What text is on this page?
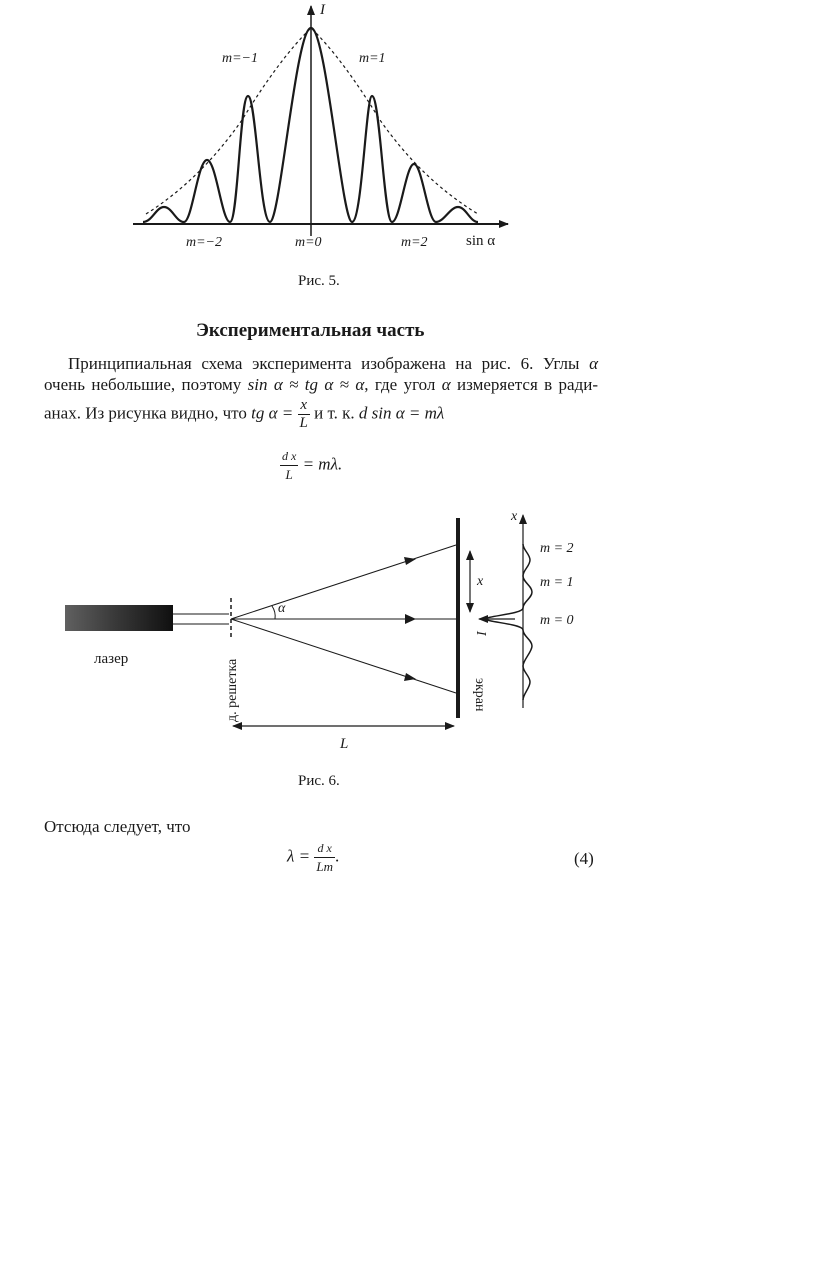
I
sin α
m=−1	m=1
m=−2	m=0	m=2
Рис. 5.
Экспериментальная часть
Принципиальная схема эксперимента изображена на рис. 6. Углы α
очень небольшие, поэтому sin α ≈ tg α ≈ α, где угол α измеряется в ради-
анах. Из рисунка видно, что tg $\alpha = \frac{x}{L}$ и т. к. d sin α = mλ
$\frac{\text{d x}}{L} = m\lambda$.
лазер	д. решетка
α
экран
x
x
I
m = 2
m = 1
m = 0
L
Рис. 6.
Отсюда следует, что
$\lambda = \frac{\text{d x}}{Lm}$ .	(4)
